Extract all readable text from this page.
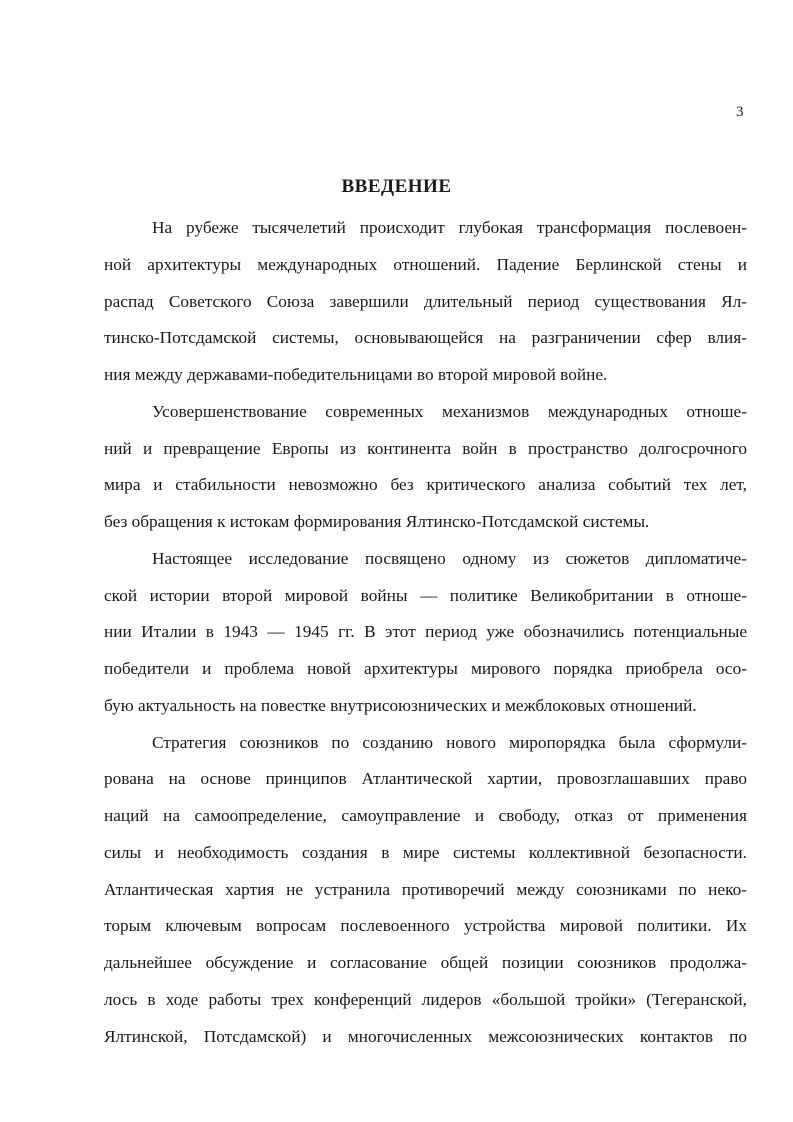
3
ВВЕДЕНИЕ
На рубеже тысячелетий происходит глубокая трансформация послевоен-
ной архитектуры международных отношений. Падение Берлинской стены и
распад Советского Союза завершили длительный период существования Ял-
тинско-Потсдамской системы, основывающейся на разграничении сфер влия-
ния между державами-победительницами во второй мировой войне.
Усовершенствование современных механизмов международных отноше-
ний и превращение Европы из континента войн в пространство долгосрочного
мира и стабильности невозможно без критического анализа событий тех лет,
без обращения к истокам формирования Ялтинско-Потсдамской системы.
Настоящее исследование посвящено одному из сюжетов дипломатиче-
ской истории второй мировой войны — политике Великобритании в отноше-
нии Италии в 1943 — 1945 гг. В этот период уже обозначились потенциальные
победители и проблема новой архитектуры мирового порядка приобрела осо-
бую актуальность на повестке внутрисоюзнических и межблоковых отношений.
Стратегия союзников по созданию нового миропорядка была сформули-
рована на основе принципов Атлантической хартии, провозглашавших право
наций на самоопределение, самоуправление и свободу, отказ от применения
силы и необходимость создания в мире системы коллективной безопасности.
Атлантическая хартия не устранила противоречий между союзниками по неко-
торым ключевым вопросам послевоенного устройства мировой политики. Их
дальнейшее обсуждение и согласование общей позиции союзников продолжа-
лось в ходе работы трех конференций лидеров «большой тройки» (Тегеранской,
Ялтинской, Потсдамской) и многочисленных межсоюзнических контактов по
